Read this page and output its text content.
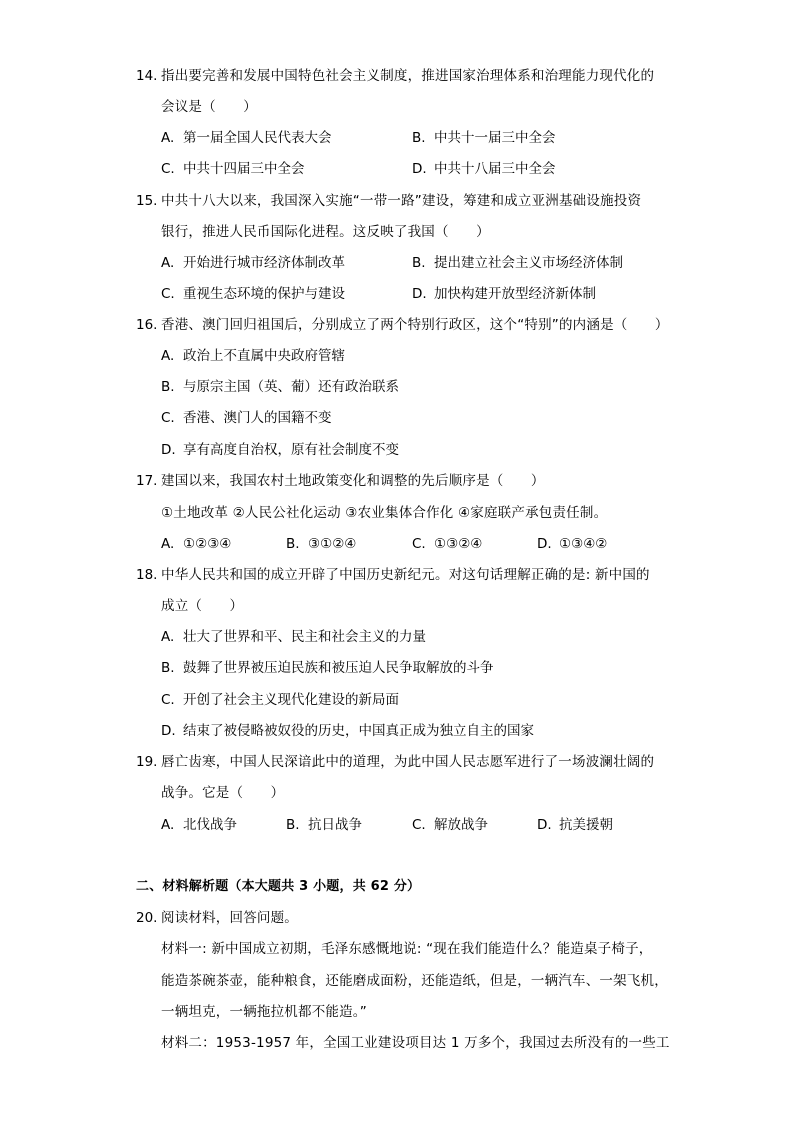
14. 指出要完善和发展中国特色社会主义制度，推进国家治理体系和治理能力现代化的
会议是（　　）
A. 第一届全国人民代表大会	B. 中共十一届三中全会
C. 中共十四届三中全会	D. 中共十八届三中全会
15. 中共十八大以来，我国深入实施“一带一路”建设，筹建和成立亚洲基础设施投资
银行，推进人民币国际化进程。这反映了我国（　　）
A. 开始进行城市经济体制改革	B. 提出建立社会主义市场经济体制
C. 重视生态环境的保护与建设	D. 加快构建开放型经济新体制
16. 香港、澳门回归祖国后，分别成立了两个特别行政区，这个“特别”的内涵是（　　）
A. 政治上不直属中央政府管辖
B. 与原宗主国（英、葡）还有政治联系
C. 香港、澳门人的国籍不变
D. 享有高度自治权，原有社会制度不变
17. 建国以来，我国农村土地政策变化和调整的先后顺序是（　　）
①土地改革 ②人民公社化运动 ③农业集体合作化 ④家庭联产承包责任制。
A. ①②③④	B. ③①②④	C. ①③②④	D. ①③④②
18. 中华人民共和国的成立开辟了中国历史新纪元。对这句话理解正确的是: 新中国的
成立（　　）
A. 壮大了世界和平、民主和社会主义的力量
B. 鼓舞了世界被压迫民族和被压迫人民争取解放的斗争
C. 开创了社会主义现代化建设的新局面
D. 结束了被侵略被奴役的历史，中国真正成为独立自主的国家
19. 唇亡齿寒，中国人民深谙此中的道理，为此中国人民志愿军进行了一场波澜壮阔的
战争。它是（　　）
A. 北伐战争	B. 抗日战争	C. 解放战争	D. 抗美援朝
二、材料解析题（本大题共 3 小题，共 62 分）
20. 阅读材料，回答问题。
材料一: 新中国成立初期，毛泽东感慨地说: “现在我们能造什么？能造桌子椅子，
能造茶碗茶壶，能种粮食，还能磨成面粉，还能造纸，但是，一辆汽车、一架飞机，
一辆坦克，一辆拖拉机都不能造。”
材料二：1953-1957 年，全国工业建设项目达 1 万多个，我国过去所没有的一些工
